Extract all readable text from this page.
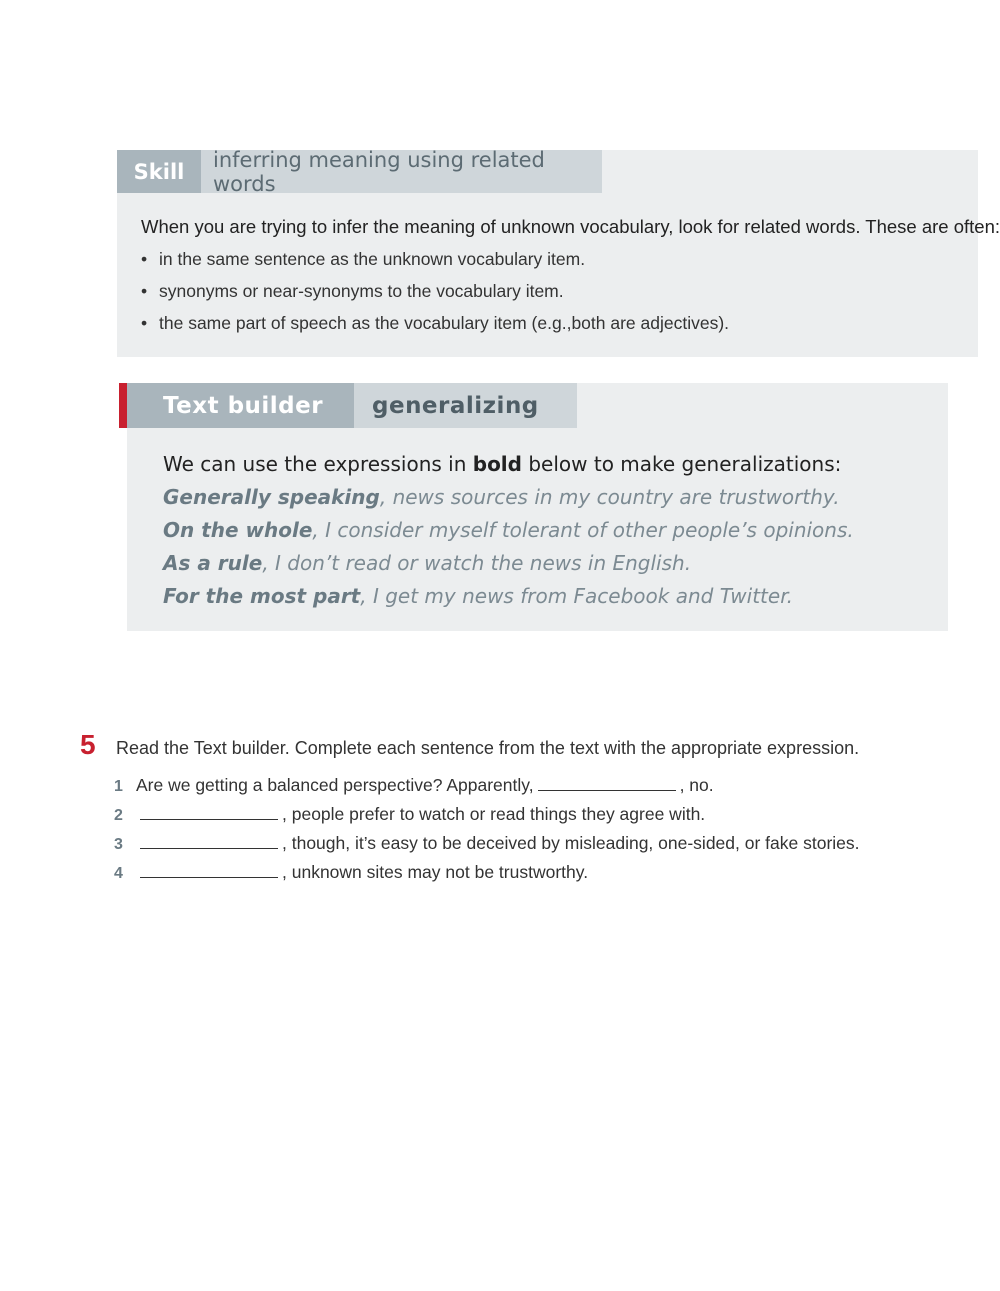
Skill	inferring meaning using related words
When you are trying to infer the meaning of unknown vocabulary, look for related words. These are often:
• in the same sentence as the unknown vocabulary item.
• synonyms or near-synonyms to the vocabulary item.
• the same part of speech as the vocabulary item (e.g.,both are adjectives).
Text builder	generalizing
We can use the expressions in bold below to make generalizations:
Generally speaking, news sources in my country are trustworthy.
On the whole, I consider myself tolerant of other people’s opinions.
As a rule, I don’t read or watch the news in English.
For the most part, I get my news from Facebook and Twitter.
5 Read the Text builder. Complete each sentence from the text with the appropriate expression.
1 Are we getting a balanced perspective? Apparently,	, no.
2	, people prefer to watch or read things they agree with.
3	, though, it’s easy to be deceived by misleading, one-sided, or fake stories.
4	, unknown sites may not be trustworthy.
